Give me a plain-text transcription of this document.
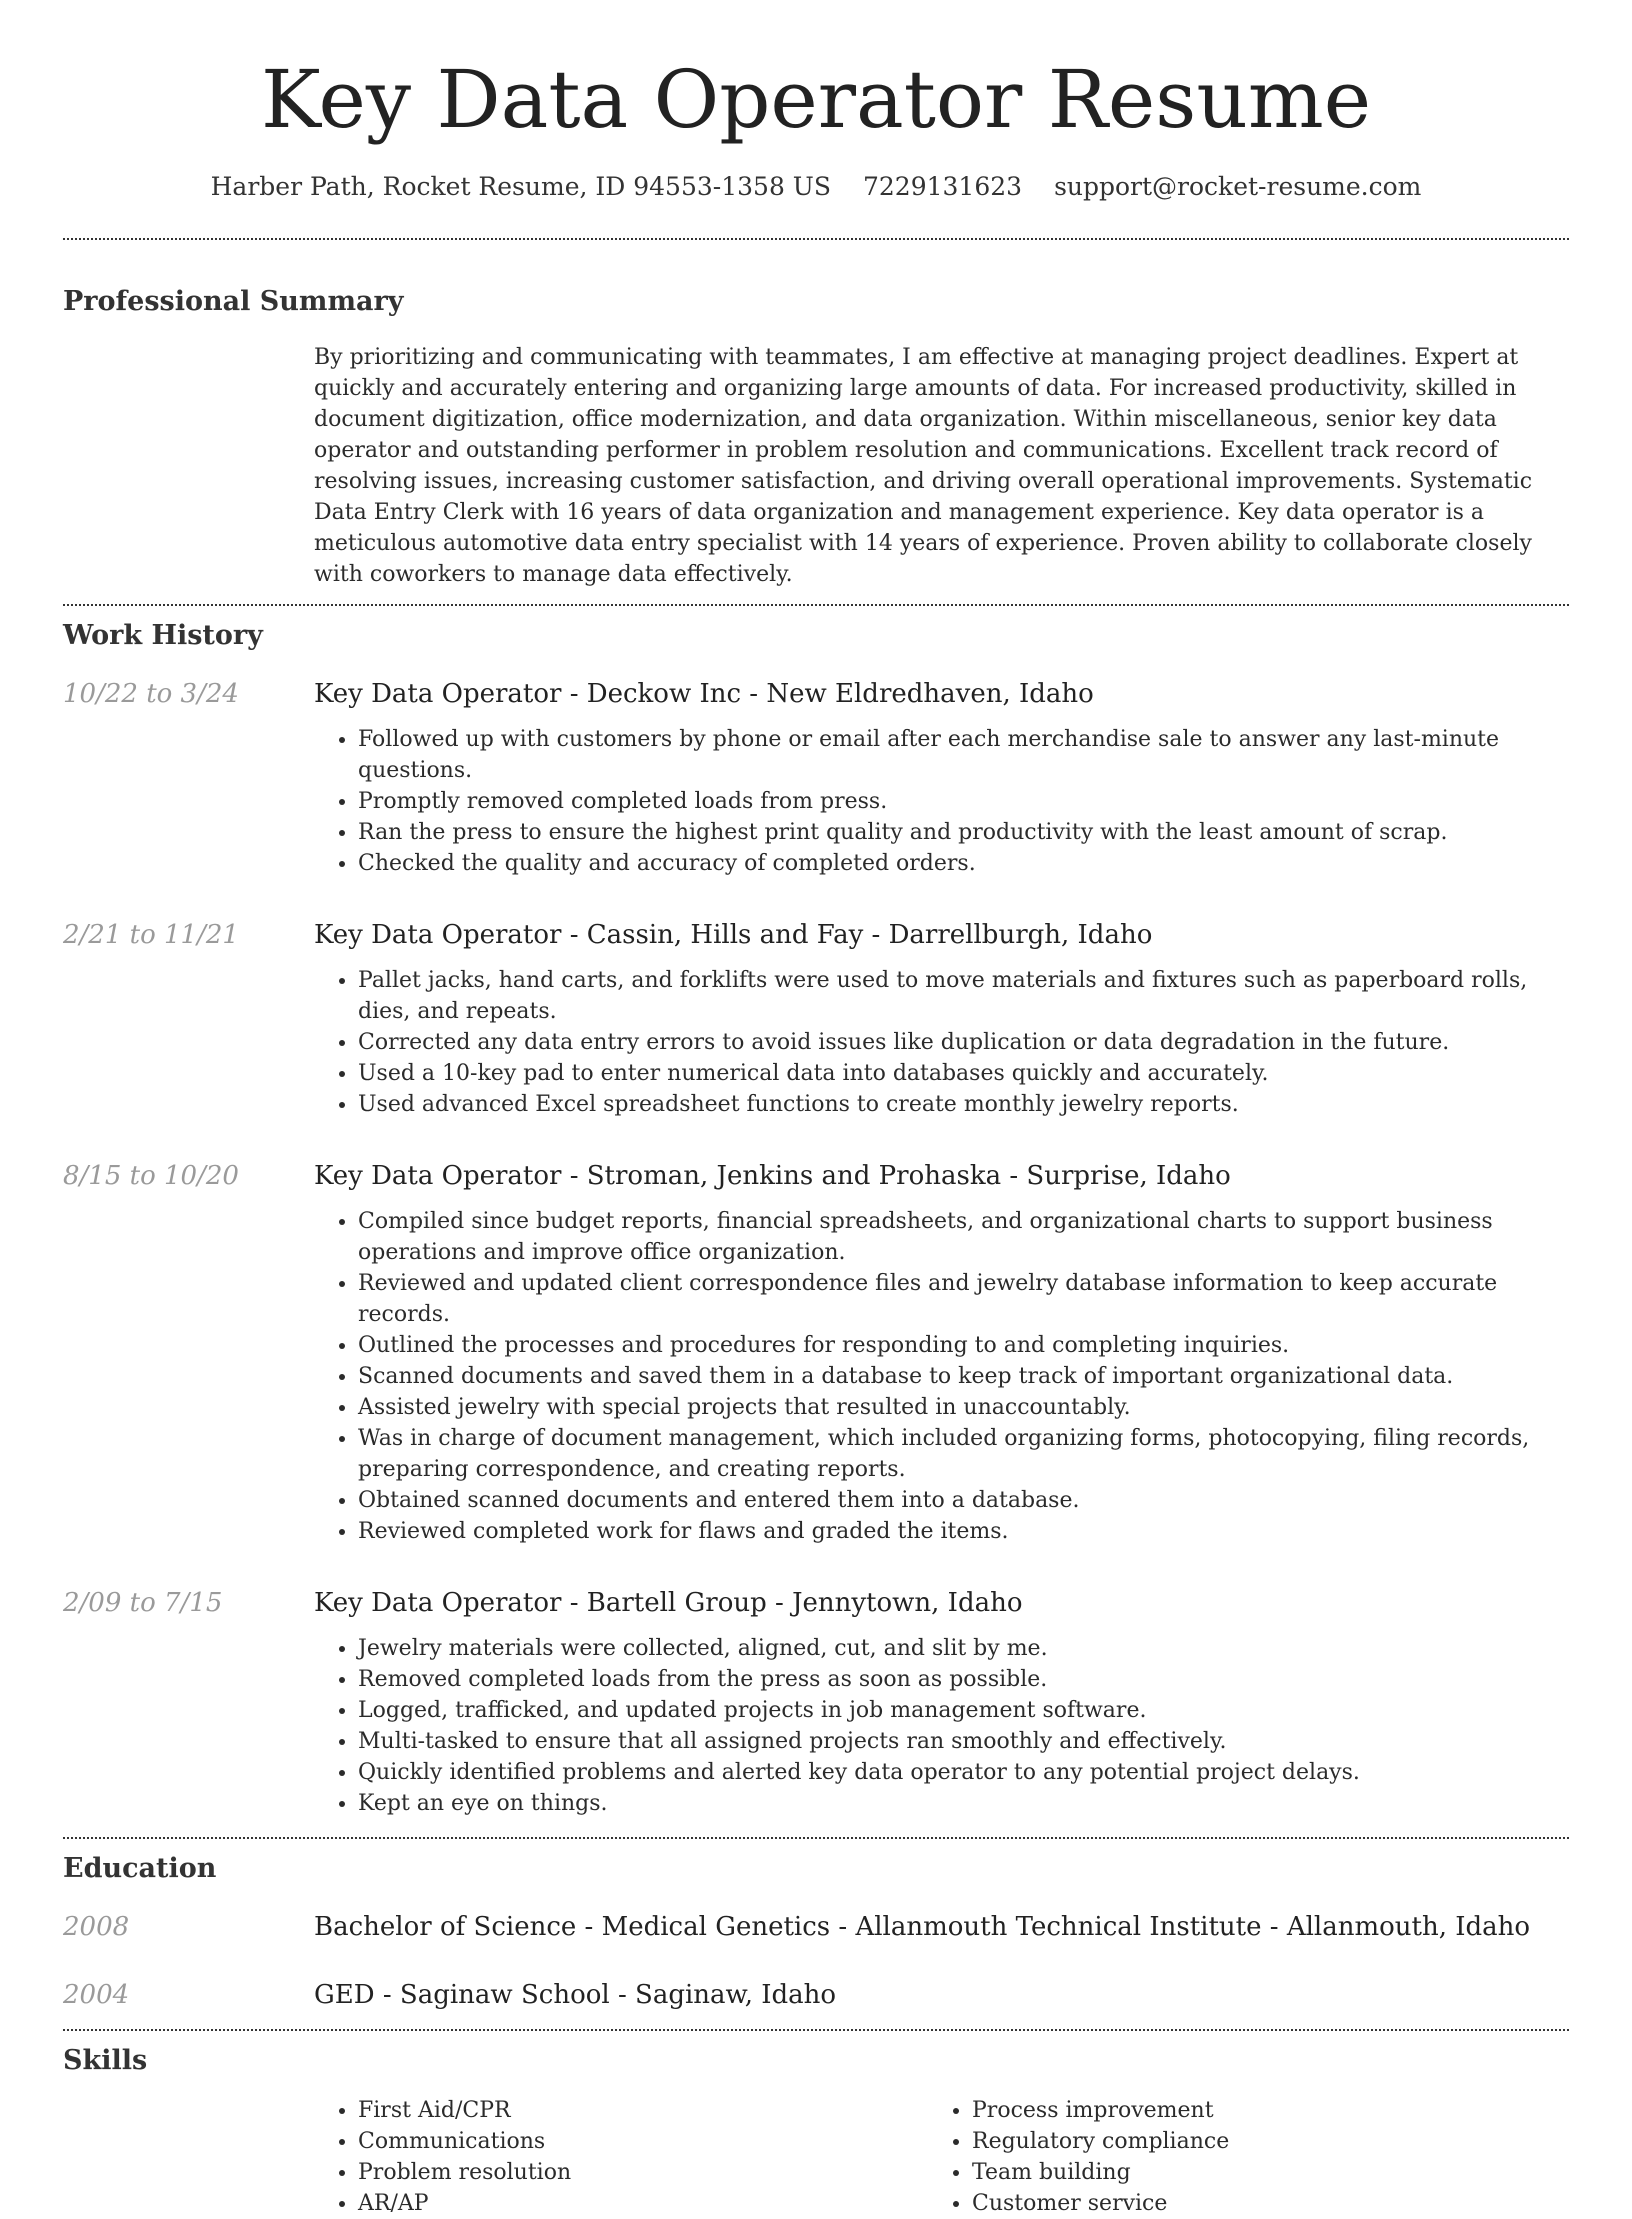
Key Data Operator Resume
Harber Path, Rocket Resume, ID 94553-1358 US 7229131623 support@rocket-resume.com
Professional Summary
By prioritizing and communicating with teammates, I am effective at managing project deadlines. Expert at quickly and accurately entering and organizing large amounts of data. For increased productivity, skilled in document digitization, office modernization, and data organization. Within miscellaneous, senior key data operator and outstanding performer in problem resolution and communications. Excellent track record of resolving issues, increasing customer satisfaction, and driving overall operational improvements. Systematic Data Entry Clerk with 16 years of data organization and management experience. Key data operator is a meticulous automotive data entry specialist with 14 years of experience. Proven ability to collaborate closely with coworkers to manage data effectively.
Work History
10/22 to 3/24	Key Data Operator - Deckow Inc - New Eldredhaven, Idaho
• Followed up with customers by phone or email after each merchandise sale to answer any last-minute questions.
• Promptly removed completed loads from press.
• Ran the press to ensure the highest print quality and productivity with the least amount of scrap.
• Checked the quality and accuracy of completed orders.
2/21 to 11/21	Key Data Operator - Cassin, Hills and Fay - Darrellburgh, Idaho
• Pallet jacks, hand carts, and forklifts were used to move materials and fixtures such as paperboard rolls, dies, and repeats.
• Corrected any data entry errors to avoid issues like duplication or data degradation in the future.
• Used a 10-key pad to enter numerical data into databases quickly and accurately.
• Used advanced Excel spreadsheet functions to create monthly jewelry reports.
8/15 to 10/20	Key Data Operator - Stroman, Jenkins and Prohaska - Surprise, Idaho
• Compiled since budget reports, financial spreadsheets, and organizational charts to support business operations and improve office organization.
• Reviewed and updated client correspondence files and jewelry database information to keep accurate records.
• Outlined the processes and procedures for responding to and completing inquiries.
• Scanned documents and saved them in a database to keep track of important organizational data.
• Assisted jewelry with special projects that resulted in unaccountably.
• Was in charge of document management, which included organizing forms, photocopying, filing records, preparing correspondence, and creating reports.
• Obtained scanned documents and entered them into a database.
• Reviewed completed work for flaws and graded the items.
2/09 to 7/15	Key Data Operator - Bartell Group - Jennytown, Idaho
• Jewelry materials were collected, aligned, cut, and slit by me.
• Removed completed loads from the press as soon as possible.
• Logged, trafficked, and updated projects in job management software.
• Multi-tasked to ensure that all assigned projects ran smoothly and effectively.
• Quickly identified problems and alerted key data operator to any potential project delays.
• Kept an eye on things.
Education
2008	Bachelor of Science - Medical Genetics - Allanmouth Technical Institute - Allanmouth, Idaho
2004	GED - Saginaw School - Saginaw, Idaho
Skills
• First Aid/CPR
• Communications
• Problem resolution
• AR/AP
• Process improvement
• Regulatory compliance
• Team building
• Customer service
